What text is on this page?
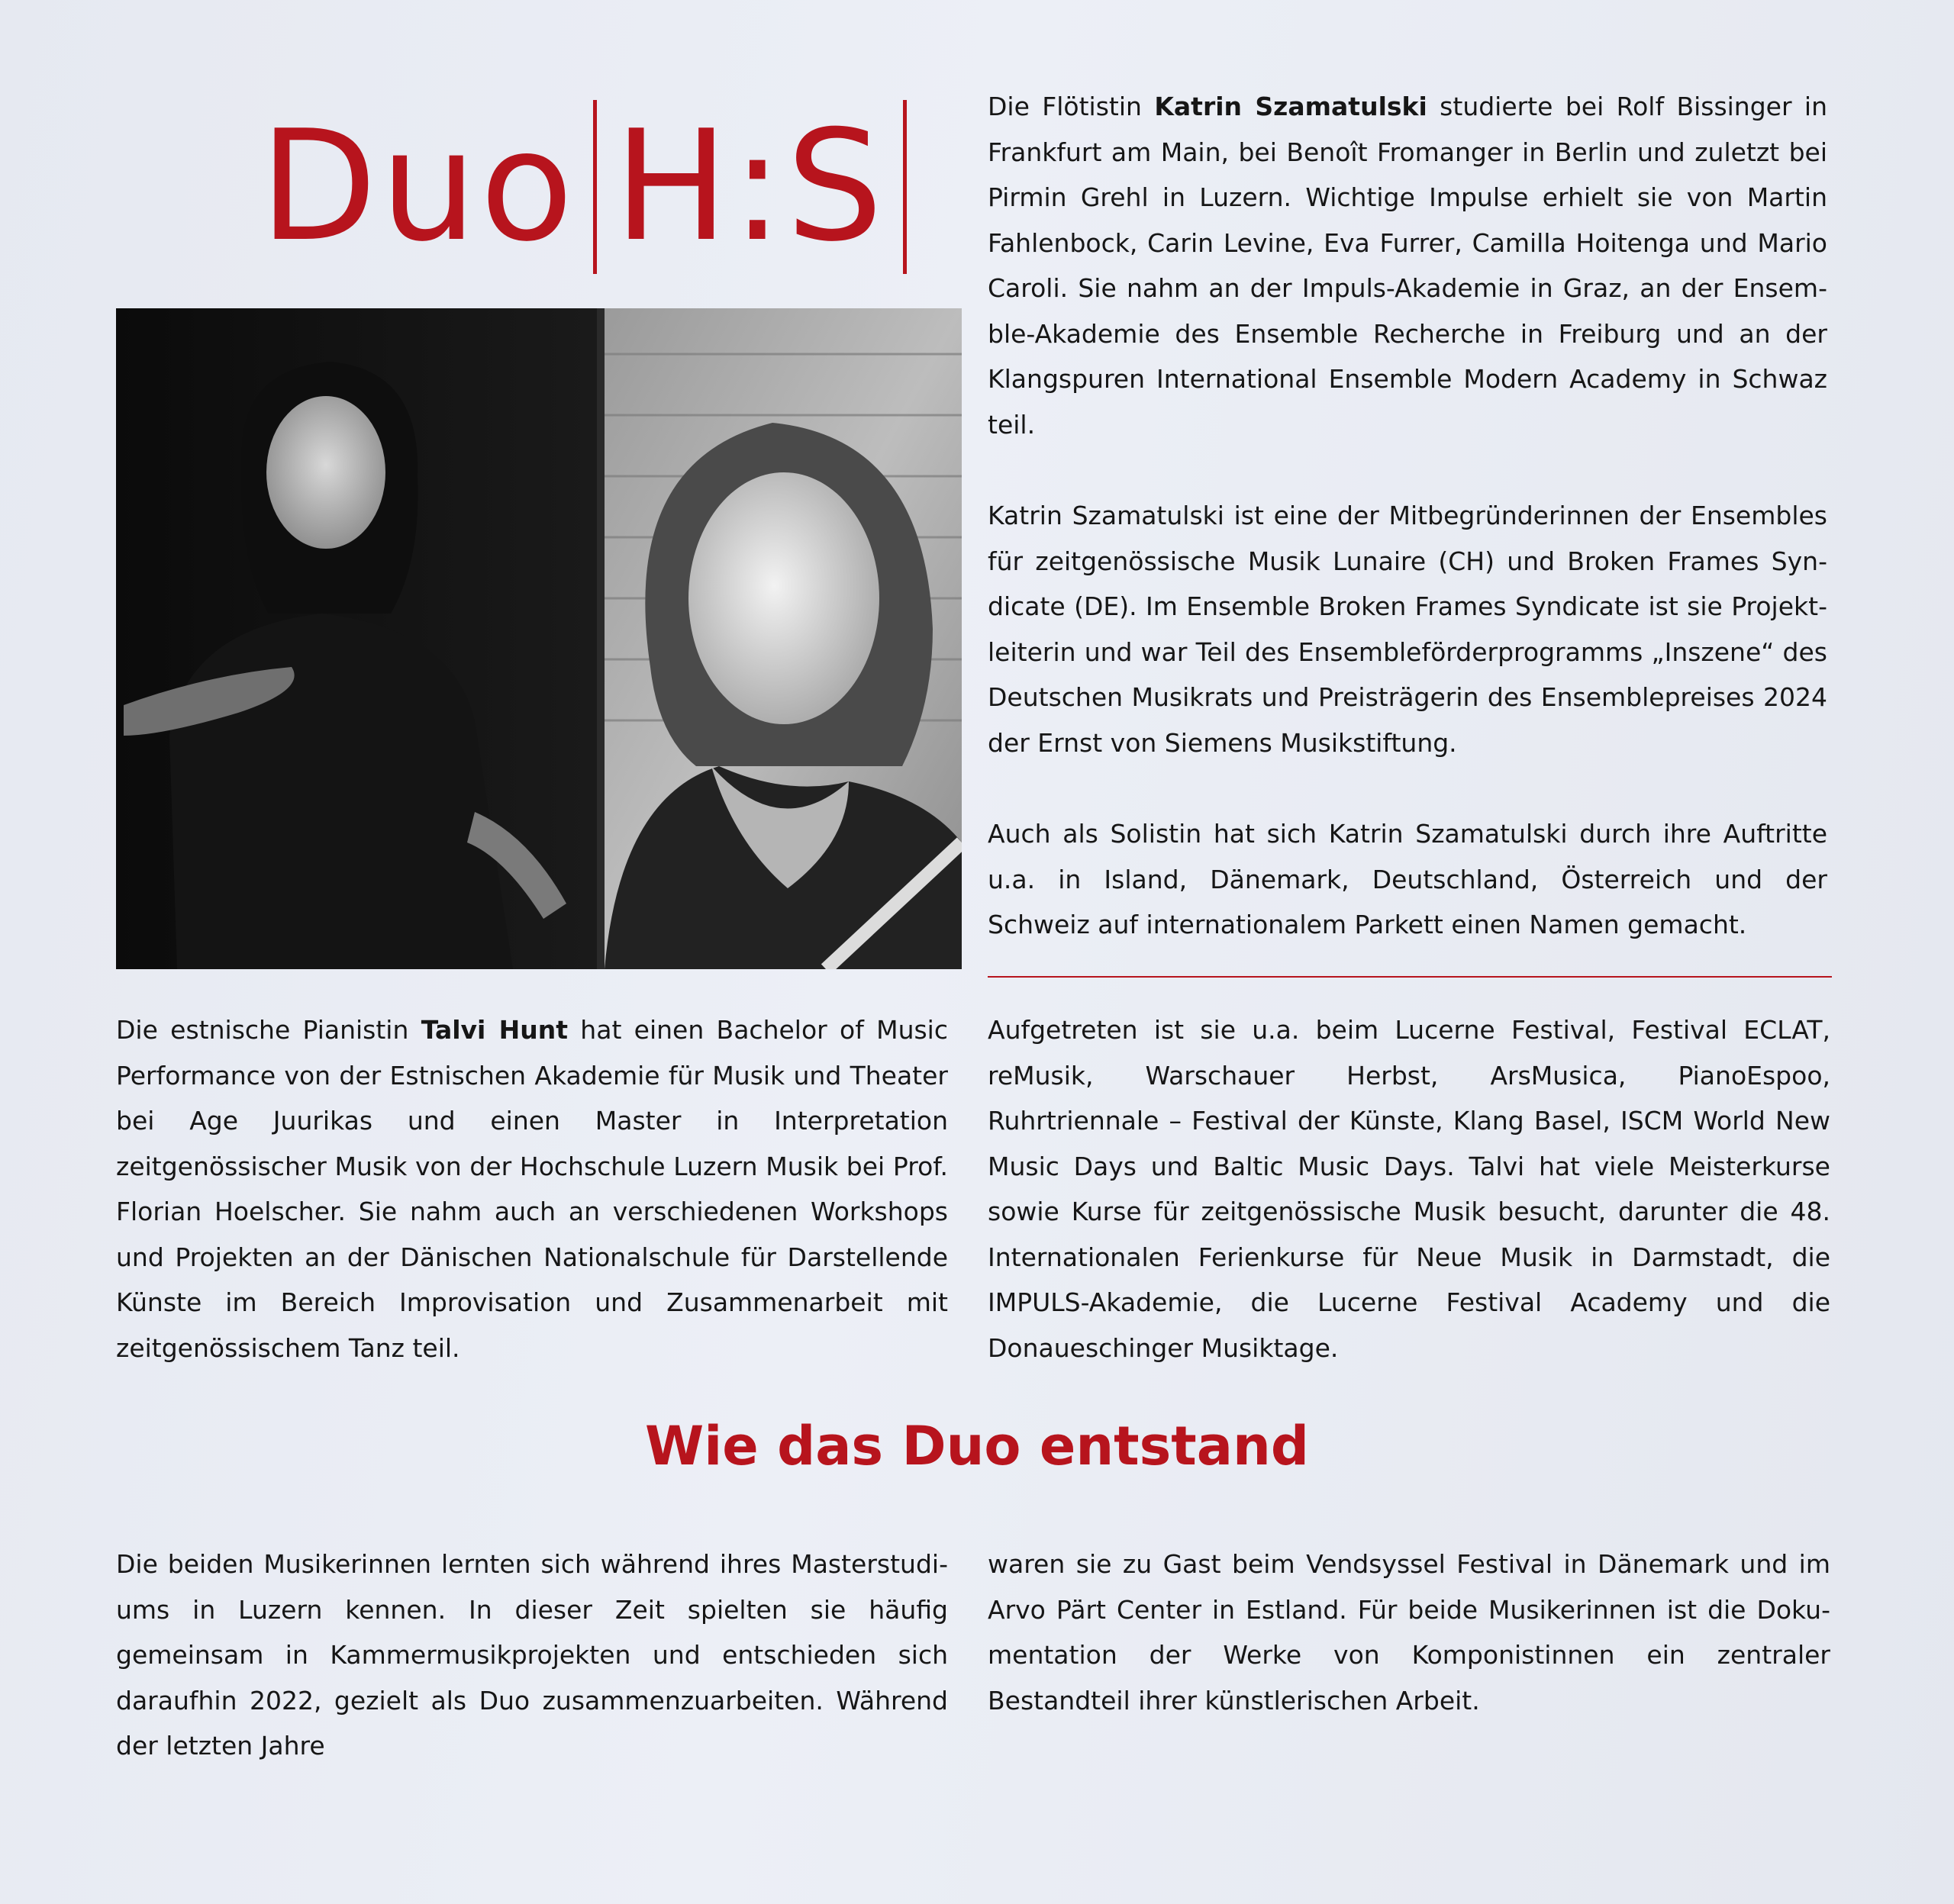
Duo H:S	Die Flötistin Katrin Szamatulski studierte bei Rolf Bissinger in Frankfurt am Main, bei Benoît Fromanger in Berlin und zuletzt bei Pirmin Grehl in Luzern. Wichtige Impulse erhielt sie von Martin Fahlenbock, Carin Levine, Eva Furrer, Camilla Hoitenga und Mario Caroli. Sie nahm an der Impuls-Akademie in Graz, an der Ensemble-Akademie des Ensemble Recherche in Freiburg und an der Klangspuren International Ensemble Modern Academy in Schwaz teil.

Katrin Szamatulski ist eine der Mitbegründerinnen der Ensembles für zeitgenössische Musik Lunaire (CH) und Broken Frames Syndicate (DE). Im Ensemble Broken Frames Syndicate ist sie Projektleiterin und war Teil des Ensembleförderprogramms „Inszene“ des Deutschen Musikrats und Preisträgerin des Ensemblepreises 2024 der Ernst von Siemens Musikstiftung.

Auch als Solistin hat sich Katrin Szamatulski durch ihre Auftritte u.a. in Island, Dänemark, Deutschland, Österreich und der Schweiz auf internationalem Parkett einen Namen gemacht.

Die estnische Pianistin Talvi Hunt hat einen Bachelor of Music Performance von der Estnischen Akademie für Musik und Theater bei Age Juurikas und einen Master in Interpretation zeitgenössischer Musik von der Hochschule Luzern Musik bei Prof. Florian Hoelscher. Sie nahm auch an verschiedenen Workshops und Projekten an der Dänischen Nationalschule für Darstellende Künste im Bereich Improvisation und Zusammenarbeit mit zeitgenössischem Tanz teil.

Aufgetreten ist sie u.a. beim Lucerne Festival, Festival ECLAT, reMusik, Warschauer Herbst, ArsMusica, PianoEspoo, Ruhrtriennale – Festival der Künste, Klang Basel, ISCM World New Music Days und Baltic Music Days. Talvi hat viele Meisterkurse sowie Kurse für zeitgenössische Musik besucht, darunter die 48. Internationalen Ferienkurse für Neue Musik in Darmstadt, die IMPULS-Akademie, die Lucerne Festival Academy und die Donaueschinger Musiktage.

Wie das Duo entstand

Die beiden Musikerinnen lernten sich während ihres Masterstudiums in Luzern kennen. In dieser Zeit spielten sie häufig gemeinsam in Kammermusikprojekten und entschieden sich daraufhin 2022, gezielt als Duo zusammenzuarbeiten. Während der letzten Jahre

waren sie zu Gast beim Vendsyssel Festival in Dänemark und im Arvo Pärt Center in Estland. Für beide Musikerinnen ist die Dokumentation der Werke von Komponistinnen ein zentraler Bestandteil ihrer künstlerischen Arbeit.
